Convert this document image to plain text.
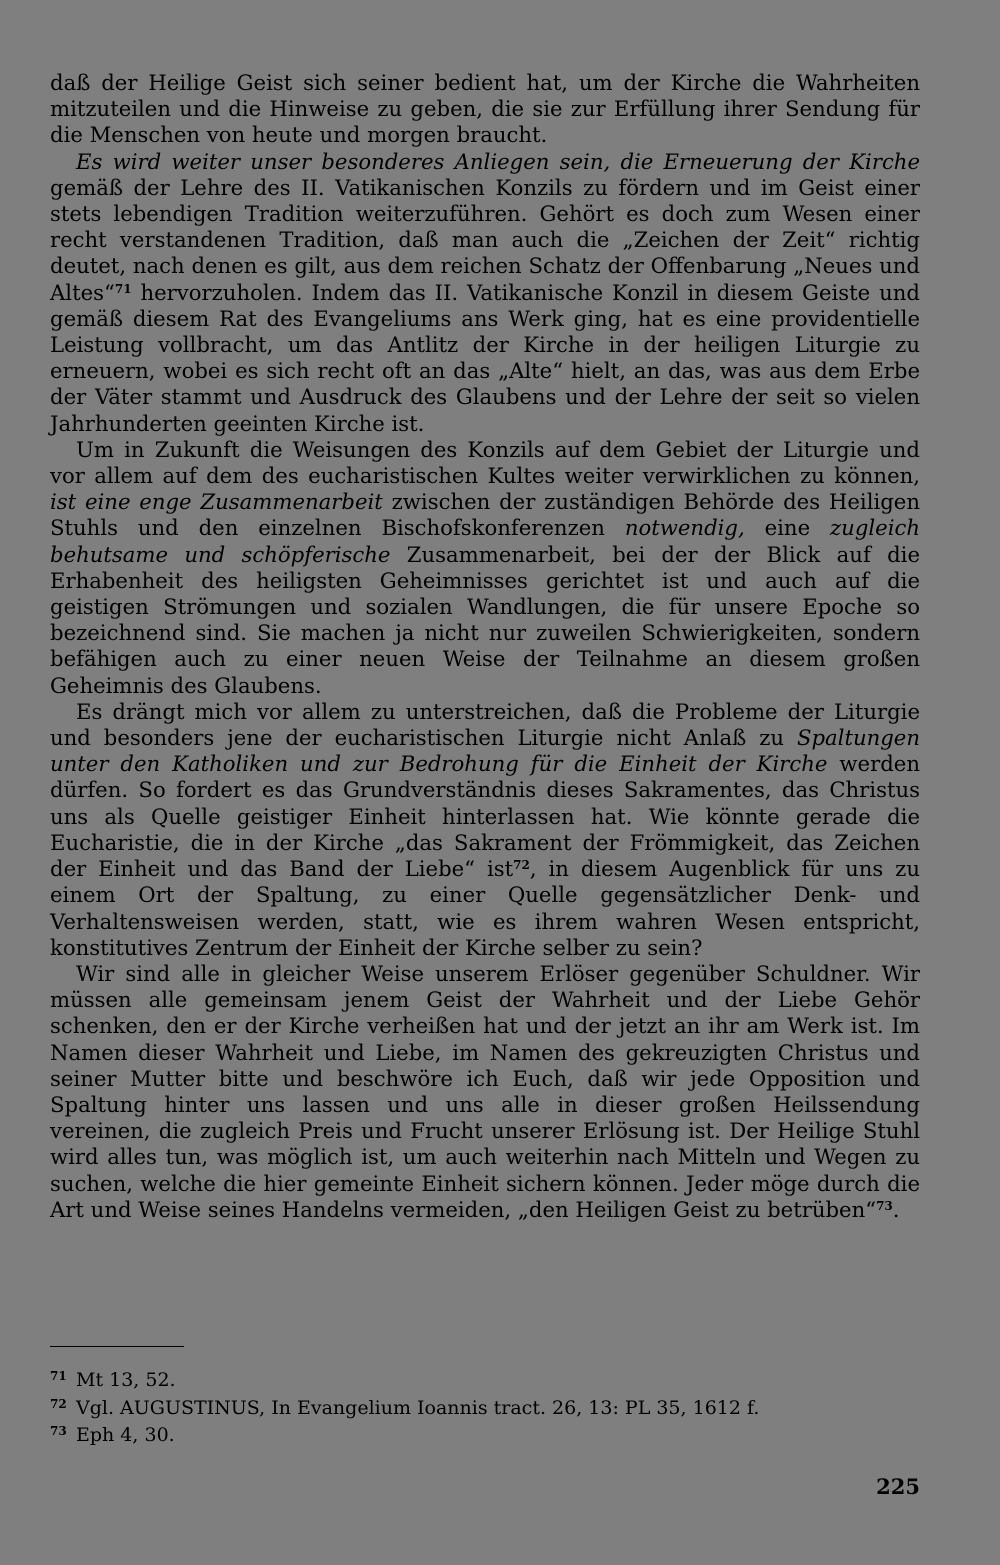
daß der Heilige Geist sich seiner bedient hat, um der Kirche die Wahrheiten mitzuteilen und die Hinweise zu geben, die sie zur Erfüllung ihrer Sendung für die Menschen von heute und morgen braucht.

Es wird weiter unser besonderes Anliegen sein, die Erneuerung der Kirche gemäß der Lehre des II. Vatikanischen Konzils zu fördern und im Geist einer stets lebendigen Tradition weiterzuführen. Gehört es doch zum Wesen einer recht verstandenen Tradition, daß man auch die „Zeichen der Zeit“ richtig deutet, nach denen es gilt, aus dem reichen Schatz der Offenbarung „Neues und Altes“$^{71}$ hervorzuholen. Indem das II. Vatikanische Konzil in diesem Geiste und gemäß diesem Rat des Evangeliums ans Werk ging, hat es eine providentielle Leistung vollbracht, um das Antlitz der Kirche in der heiligen Liturgie zu erneuern, wobei es sich recht oft an das „Alte“ hielt, an das, was aus dem Erbe der Väter stammt und Ausdruck des Glaubens und der Lehre der seit so vielen Jahrhunderten geeinten Kirche ist.

Um in Zukunft die Weisungen des Konzils auf dem Gebiet der Liturgie und vor allem auf dem des eucharistischen Kultes weiter verwirklichen zu können, ist eine enge Zusammenarbeit zwischen der zuständigen Behörde des Heiligen Stuhls und den einzelnen Bischofskonferenzen notwendig, eine zugleich behutsame und schöpferische Zusammenarbeit, bei der der Blick auf die Erhabenheit des heiligsten Geheimnisses gerichtet ist und auch auf die geistigen Strömungen und sozialen Wandlungen, die für unsere Epoche so bezeichnend sind. Sie machen ja nicht nur zuweilen Schwierigkeiten, sondern befähigen auch zu einer neuen Weise der Teilnahme an diesem großen Geheimnis des Glaubens.

Es drängt mich vor allem zu unterstreichen, daß die Probleme der Liturgie und besonders jene der eucharistischen Liturgie nicht Anlaß zu Spaltungen unter den Katholiken und zur Bedrohung für die Einheit der Kirche werden dürfen. So fordert es das Grundverständnis dieses Sakramentes, das Christus uns als Quelle geistiger Einheit hinterlassen hat. Wie könnte gerade die Eucharistie, die in der Kirche „das Sakrament der Frömmigkeit, das Zeichen der Einheit und das Band der Liebe“ ist$^{72}$, in diesem Augenblick für uns zu einem Ort der Spaltung, zu einer Quelle gegensätzlicher Denk- und Verhaltensweisen werden, statt, wie es ihrem wahren Wesen entspricht, konstitutives Zentrum der Einheit der Kirche selber zu sein?

Wir sind alle in gleicher Weise unserem Erlöser gegenüber Schuldner. Wir müssen alle gemeinsam jenem Geist der Wahrheit und der Liebe Gehör schenken, den er der Kirche verheißen hat und der jetzt an ihr am Werk ist. Im Namen dieser Wahrheit und Liebe, im Namen des gekreuzigten Christus und seiner Mutter bitte und beschwöre ich Euch, daß wir jede Opposition und Spaltung hinter uns lassen und uns alle in dieser großen Heilssendung vereinen, die zugleich Preis und Frucht unserer Erlösung ist. Der Heilige Stuhl wird alles tun, was möglich ist, um auch weiterhin nach Mitteln und Wegen zu suchen, welche die hier gemeinte Einheit sichern können. Jeder möge durch die Art und Weise seines Handelns vermeiden, „den Heiligen Geist zu betrüben“$^{73}$.

71 Mt 13, 52.
72 Vgl. AUGUSTINUS, In Evangelium Ioannis tract. 26, 13: PL 35, 1612 f.
73 Eph 4, 30.
225
